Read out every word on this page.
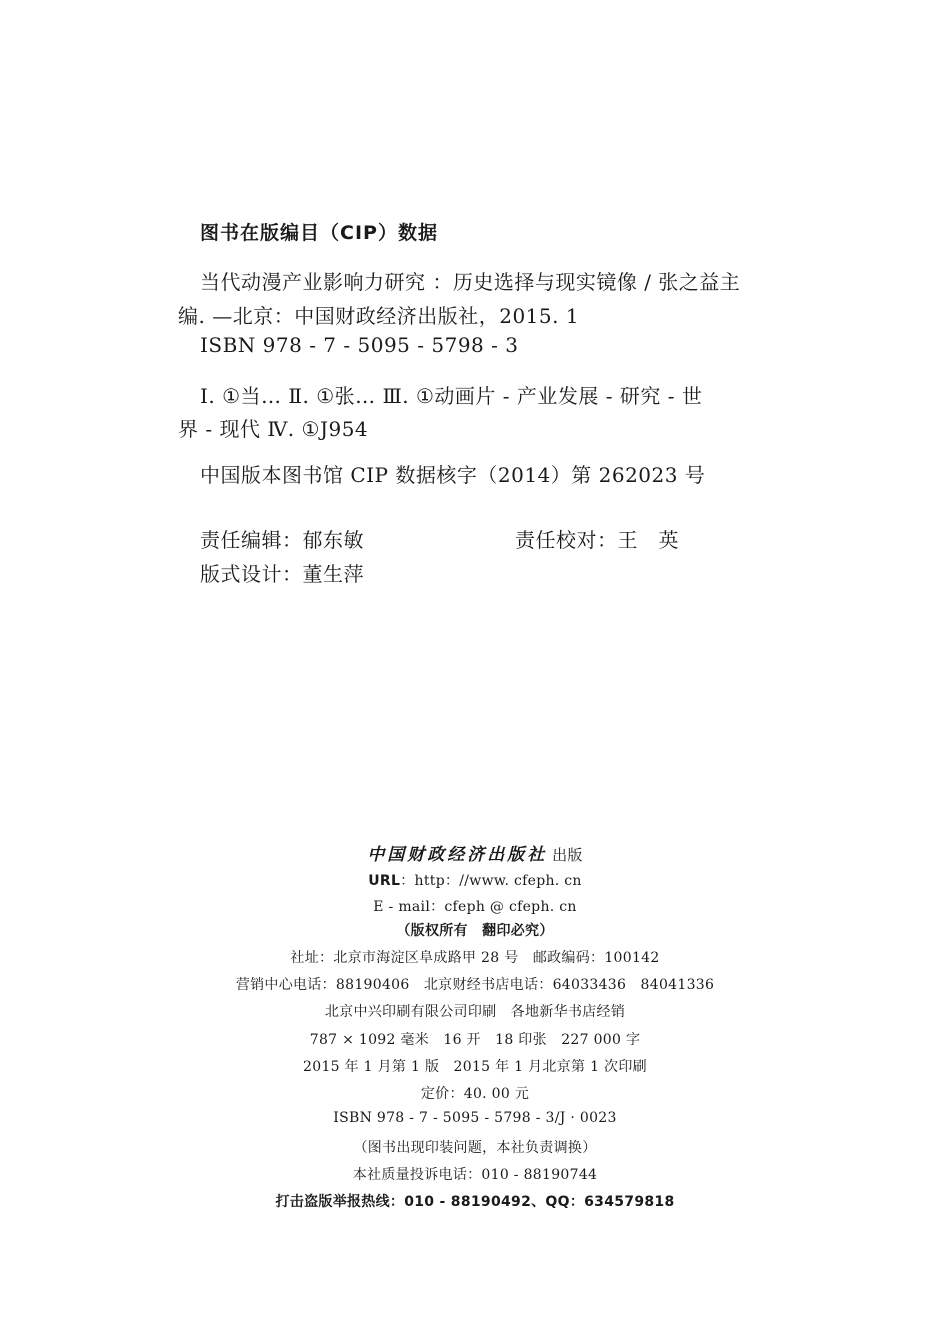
图书在版编目（CIP）数据
当代动漫产业影响力研究 ：历史选择与现实镜像 / 张之益主
编. —北京：中国财政经济出版社，2015. 1
ISBN 978 - 7 - 5095 - 5798 - 3
Ⅰ. ①当… Ⅱ. ①张… Ⅲ. ①动画片 - 产业发展 - 研究 - 世
界 - 现代 Ⅳ. ①J954
中国版本图书馆 CIP 数据核字（2014）第 262023 号
责任编辑：郁东敏	责任校对：王　英
版式设计：董生萍
中国财政经济出版社 出版
URL：http：//www. cfeph. cn
E - mail：cfeph @ cfeph. cn
（版权所有　翻印必究）
社址：北京市海淀区阜成路甲 28 号　邮政编码：100142
营销中心电话：88190406　北京财经书店电话：64033436　84041336
北京中兴印刷有限公司印刷　各地新华书店经销
787 × 1092 毫米　16 开　18 印张　227 000 字
2015 年 1 月第 1 版　2015 年 1 月北京第 1 次印刷
定价：40. 00 元
ISBN 978 - 7 - 5095 - 5798 - 3/J · 0023
（图书出现印装问题，本社负责调换）
本社质量投诉电话：010 - 88190744
打击盗版举报热线：010 - 88190492、QQ：634579818
